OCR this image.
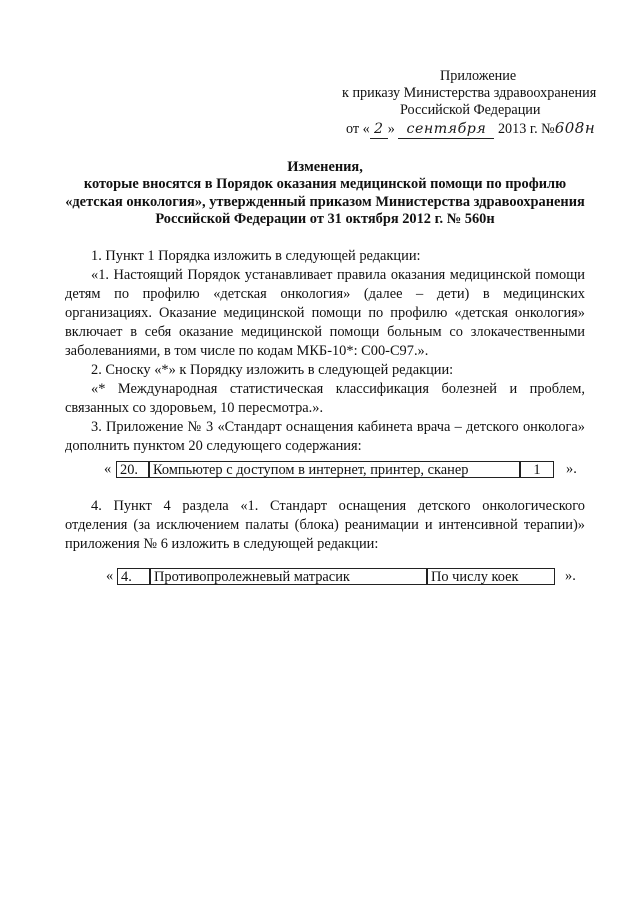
Приложение
к приказу Министерства здравоохранения
Российской Федерации
от « 2 » сентября 2013 г. №608н
Изменения,
которые вносятся в Порядок оказания медицинской помощи по профилю
«детская онкология», утвержденный приказом Министерства здравоохранения
Российской Федерации от 31 октября 2012 г. № 560н

1. Пункт 1 Порядка изложить в следующей редакции:

«1. Настоящий Порядок устанавливает правила оказания медицинской помощи детям по профилю «детская онкология» (далее – дети) в медицинских организациях. Оказание медицинской помощи по профилю «детская онкология» включает в себя оказание медицинской помощи больным со злокачественными заболеваниями, в том числе по кодам МКБ-10*: С00-С97.».

2. Сноску «*» к Порядку изложить в следующей редакции:

«* Международная статистическая классификация болезней и проблем, связанных со здоровьем, 10 пересмотра.».

3. Приложение № 3 «Стандарт оснащения кабинета врача – детского онколога» дополнить пунктом 20 следующего содержания:

« 20.	Компьютер с доступом в интернет, принтер, сканер	1	».

4. Пункт 4 раздела «1. Стандарт оснащения детского онкологического отделения (за исключением палаты (блока) реанимации и интенсивной терапии)» приложения № 6 изложить в следующей редакции:

« 4.	Противопролежневый матрасик	По числу коек	».
